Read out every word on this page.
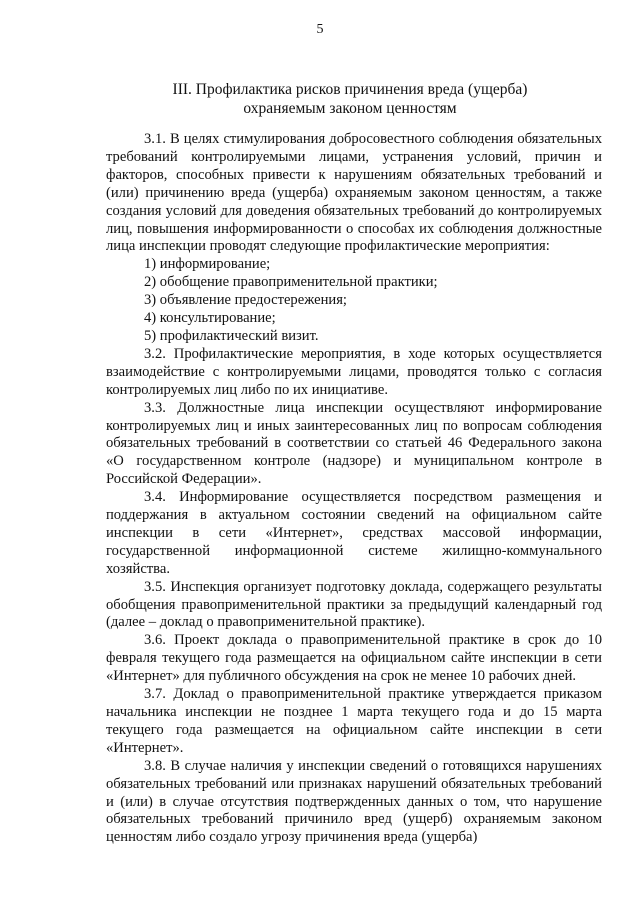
5
III. Профилактика рисков причинения вреда (ущерба)
охраняемым законом ценностям

3.1. В целях стимулирования добросовестного соблюдения обязательных требований контролируемыми лицами, устранения условий, причин и факторов, способных привести к нарушениям обязательных требований и (или) причинению вреда (ущерба) охраняемым законом ценностям, а также создания условий для доведения обязательных требований до контролируемых лиц, повышения информированности о способах их соблюдения должностные лица инспекции проводят следующие профилактические мероприятия:

1) информирование;
2) обобщение правоприменительной практики;
3) объявление предостережения;
4) консультирование;
5) профилактический визит.

3.2. Профилактические мероприятия, в ходе которых осуществляется взаимодействие с контролируемыми лицами, проводятся только с согласия контролируемых лиц либо по их инициативе.

3.3. Должностные лица инспекции осуществляют информирование контролируемых лиц и иных заинтересованных лиц по вопросам соблюдения обязательных требований в соответствии со статьей 46 Федерального закона «О государственном контроле (надзоре) и муниципальном контроле в Российской Федерации».

3.4. Информирование осуществляется посредством размещения и поддержания в актуальном состоянии сведений на официальном сайте инспекции в сети «Интернет», средствах массовой информации, государственной информационной системе жилищно-коммунального хозяйства.

3.5. Инспекция организует подготовку доклада, содержащего результаты обобщения правоприменительной практики за предыдущий календарный год (далее – доклад о правоприменительной практике).

3.6. Проект доклада о правоприменительной практике в срок до 10 февраля текущего года размещается на официальном сайте инспекции в сети «Интернет» для публичного обсуждения на срок не менее 10 рабочих дней.

3.7. Доклад о правоприменительной практике утверждается приказом начальника инспекции не позднее 1 марта текущего года и до 15 марта текущего года размещается на официальном сайте инспекции в сети «Интернет».

3.8. В случае наличия у инспекции сведений о готовящихся нарушениях обязательных требований или признаках нарушений обязательных требований и (или) в случае отсутствия подтвержденных данных о том, что нарушение обязательных требований причинило вред (ущерб) охраняемым законом ценностям либо создало угрозу причинения вреда (ущерба)
